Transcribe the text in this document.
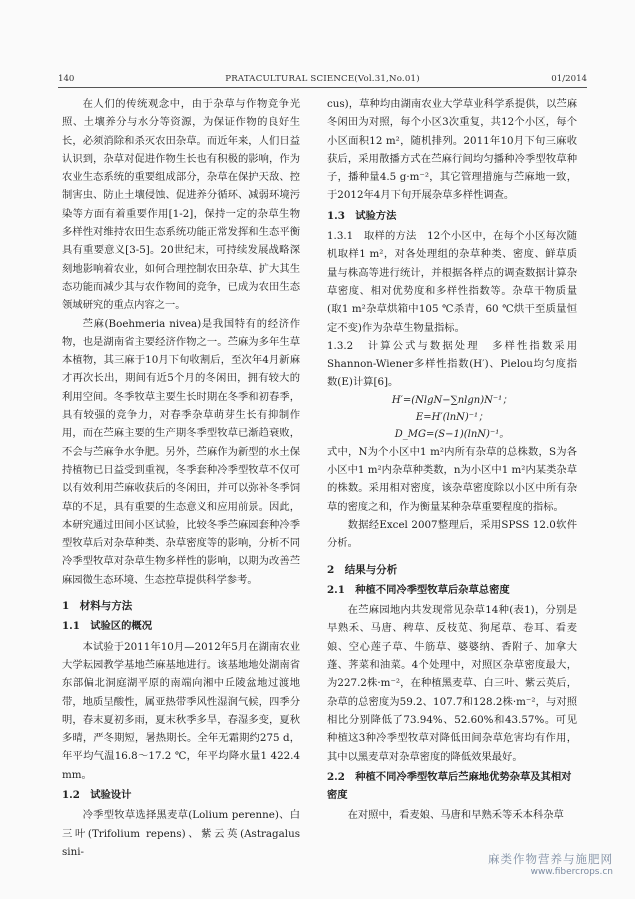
140	PRATACULTURAL SCIENCE(Vol.31,No.01)	01/2014

在人们的传统观念中，由于杂草与作物竞争光照、土壤养分与水分等资源，为保证作物的良好生长，必须消除和杀灭农田杂草。而近年来，人们日益认识到，杂草对促进作物生长也有积极的影响，作为农业生态系统的重要组成部分，杂草在保护天敌、控制害虫、防止土壤侵蚀、促进养分循环、减弱环境污染等方面有着重要作用[1-2]，保持一定的杂草生物多样性对维持农田生态系统功能正常发挥和生态平衡具有重要意义[3-5]。20世纪末，可持续发展战略深刻地影响着农业，如何合理控制农田杂草、扩大其生态功能而减少其与农作物间的竞争，已成为农田生态领域研究的重点内容之一。

苎麻(Boehmeria nivea)是我国特有的经济作物，也是湖南省主要经济作物之一。苎麻为多年生草本植物，其三麻于10月下旬收割后，至次年4月新麻才再次长出，期间有近5个月的冬闲田，拥有较大的利用空间。冬季牧草主要生长时期在冬季和初春季，具有较强的竞争力，对春季杂草萌芽生长有抑制作用，而在苎麻主要的生产期冬季型牧草已渐趋衰败，不会与苎麻争水争肥。另外，苎麻作为新型的水土保持植物已日益受到重视，冬季套种冷季型牧草不仅可以有效利用苎麻收获后的冬闲田，并可以弥补冬季饲草的不足，具有重要的生态意义和应用前景。因此，本研究通过田间小区试验，比较冬季苎麻园套种冷季型牧草后对杂草种类、杂草密度等的影响，分析不同冷季型牧草对杂草生物多样性的影响，以期为改善苎麻园微生态环境、生态控草提供科学参考。

1　材料与方法
1.1　试验区的概况

本试验于2011年10月—2012年5月在湖南农业大学耘园教学基地苎麻基地进行。该基地地处湖南省东部偏北洞庭湖平原的南端向湘中丘陵盆地过渡地带，地质呈酸性，属亚热带季风性湿润气候，四季分明，春末夏初多雨，夏末秋季多旱，春湿多变，夏秋多晴，严冬期短，暑热期长。全年无霜期约275 d，年平均气温16.8～17.2 ℃，年平均降水量1 422.4 mm。

1.2　试验设计

冷季型牧草选择黑麦草(Lolium perenne)、白三叶(Trifolium repens)、紫云英(Astragalus sini-

cus)，草种均由湖南农业大学草业科学系提供，以苎麻冬闲田为对照，每个小区3次重复，共12个小区，每个小区面积12 m²，随机排列。2011年10月下旬三麻收获后，采用散播方式在苎麻行间均匀播种冷季型牧草种子，播种量4.5 g·m⁻²，其它管理措施与苎麻地一致，于2012年4月下旬开展杂草多样性调查。

1.3　试验方法

1.3.1　取样的方法　12个小区中，在每个小区每次随机取样1 m²，对各处理组的杂草种类、密度、鲜草质量与株高等进行统计，并根据各样点的调查数据计算杂草密度、相对优势度和多样性指数等。杂草干物质量(取1 m²杂草烘箱中105 ℃杀青，60 ℃烘干至质量恒定不变)作为杂草生物量指标。

1.3.2　计算公式与数据处理　多样性指数采用Shannon-Wiener多样性指数(H′)、Pielou均匀度指数(E)计算[6]。

H′=(NlgN−∑nlgn)N⁻¹；
E=H′(lnN)⁻¹；
D_MG=(S−1)(lnN)⁻¹。

式中，N为个小区中1 m²内所有杂草的总株数，S为各小区中1 m²内杂草种类数，n为小区中1 m²内某类杂草的株数。采用相对密度，该杂草密度除以小区中所有杂草的密度之和，作为衡量某种杂草重要程度的指标。

数据经Excel 2007整理后，采用SPSS 12.0软件分析。

2　结果与分析
2.1　种植不同冷季型牧草后杂草总密度

在苎麻园地内共发现常见杂草14种(表1)，分别是早熟禾、马唐、稗草、反枝苋、狗尾草、卷耳、看麦娘、空心莲子草、牛筋草、婆婆纳、香附子、加拿大蓬、荠菜和油菜。4个处理中，对照区杂草密度最大，为227.2株·m⁻²，在种植黑麦草、白三叶、紫云英后，杂草的总密度为59.2、107.7和128.2株·m⁻²，与对照相比分别降低了73.94%、52.60%和43.57%。可见种植这3种冷季型牧草对降低田间杂草危害均有作用，其中以黑麦草对杂草密度的降低效果最好。

2.2　种植不同冷季型牧草后苎麻地优势杂草及其相对密度

在对照中，看麦娘、马唐和早熟禾等禾本科杂草

麻类作物营养与施肥网
www.fibercrops.cn
